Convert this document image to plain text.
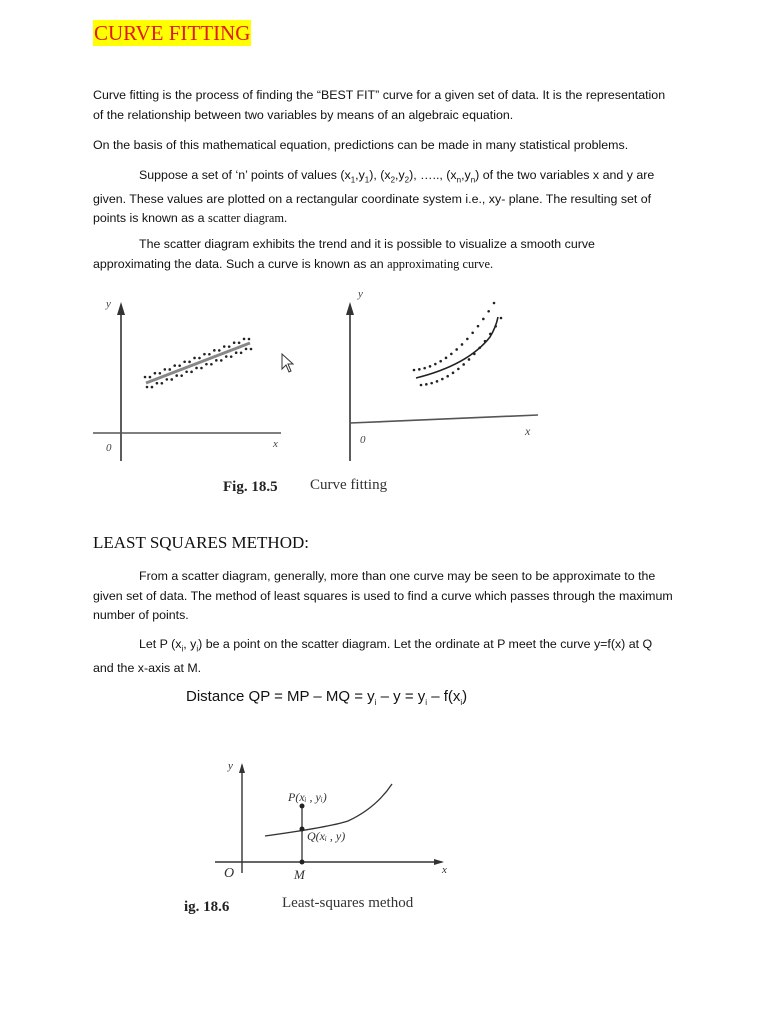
CURVE FITTING
Curve fitting is the process of finding the “BEST FIT” curve for a given set of data. It is the representation of the relationship between two variables by means of an algebraic equation.
On the basis of this mathematical equation, predictions can be made in many statistical problems.
Suppose a set of ‘n’ points of values $(x_1,y_1)$, $(x_2,y_2)$, ….., $(x_n,y_n)$ of the two variables x and y are given. These values are plotted on a rectangular coordinate system i.e., xy- plane. The resulting set of points is known as a scatter diagram.
The scatter diagram exhibits the trend and it is possible to visualize a smooth curve approximating the data. Such a curve is known as an approximating curve.
y
x
0
y
x
0
Fig. 18.5 Curve fitting
LEAST SQUARES METHOD:
From a scatter diagram, generally, more than one curve may be seen to be approximate to the given set of data. The method of least squares is used to find a curve which passes through the maximum number of points.
Let P ($x_i$, $y_i$) be a point on the scatter diagram. Let the ordinate at P meet the curve y=f(x) at Q and the x-axis at M.
Distance QP = MP – MQ = $y_i - y = y_i - f(x_i)$
y
x
O	M
P(xᵢ , yᵢ)
Q(xᵢ , y)
ig. 18.6	Least-squares method
